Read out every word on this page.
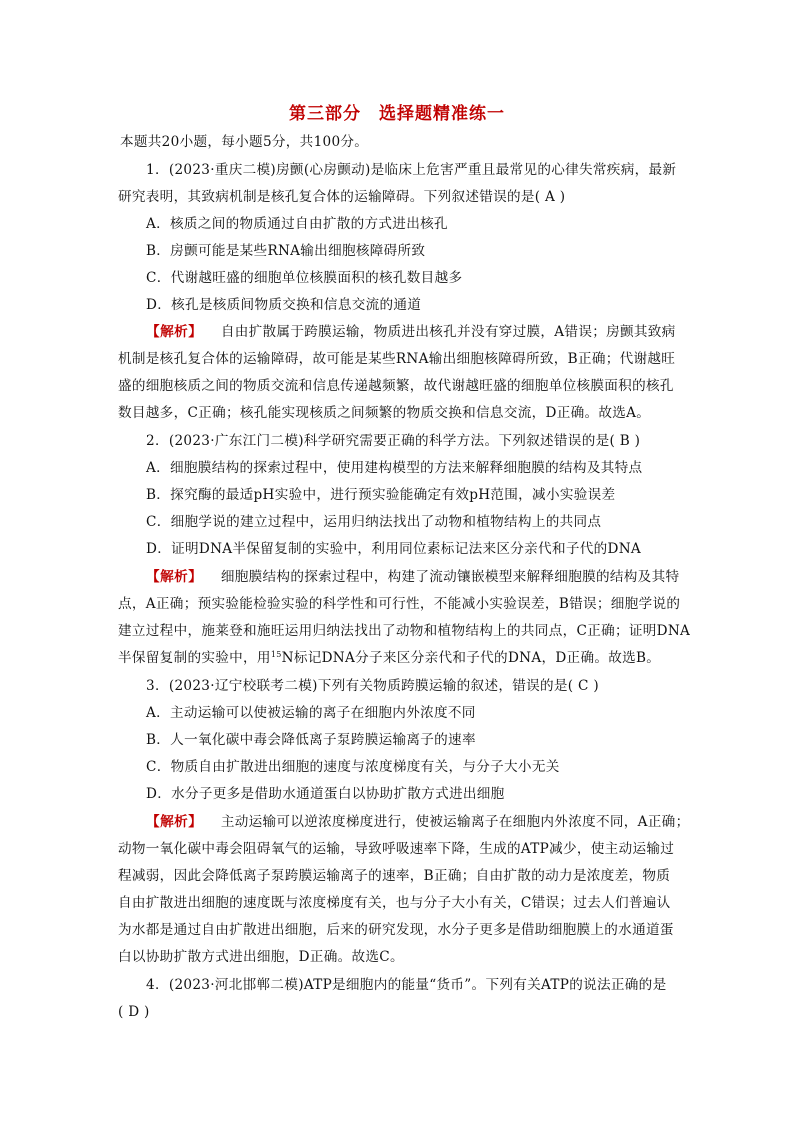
第三部分　选择题精准练一
本题共20小题，每小题5分，共100分。
1．(2023·重庆二模)房颤(心房颤动)是临床上危害严重且最常见的心律失常疾病，最新
研究表明，其致病机制是核孔复合体的运输障碍。下列叙述错误的是( A )
A．核质之间的物质通过自由扩散的方式进出核孔
B．房颤可能是某些RNA输出细胞核障碍所致
C．代谢越旺盛的细胞单位核膜面积的核孔数目越多
D．核孔是核质间物质交换和信息交流的通道
【解析】 自由扩散属于跨膜运输，物质进出核孔并没有穿过膜，A错误；房颤其致病
机制是核孔复合体的运输障碍，故可能是某些RNA输出细胞核障碍所致，B正确；代谢越旺
盛的细胞核质之间的物质交流和信息传递越频繁，故代谢越旺盛的细胞单位核膜面积的核孔
数目越多，C正确；核孔能实现核质之间频繁的物质交换和信息交流，D正确。故选A。
2．(2023·广东江门二模)科学研究需要正确的科学方法。下列叙述错误的是( B )
A．细胞膜结构的探索过程中，使用建构模型的方法来解释细胞膜的结构及其特点
B．探究酶的最适pH实验中，进行预实验能确定有效pH范围，减小实验误差
C．细胞学说的建立过程中，运用归纳法找出了动物和植物结构上的共同点
D．证明DNA半保留复制的实验中，利用同位素标记法来区分亲代和子代的DNA
【解析】 细胞膜结构的探索过程中，构建了流动镶嵌模型来解释细胞膜的结构及其特
点，A正确；预实验能检验实验的科学性和可行性，不能减小实验误差，B错误；细胞学说的
建立过程中，施莱登和施旺运用归纳法找出了动物和植物结构上的共同点，C正确；证明DNA
半保留复制的实验中，用$^{15}$N标记DNA分子来区分亲代和子代的DNA，D正确。故选B。
3．(2023·辽宁校联考二模)下列有关物质跨膜运输的叙述，错误的是( C )
A．主动运输可以使被运输的离子在细胞内外浓度不同
B．人一氧化碳中毒会降低离子泵跨膜运输离子的速率
C．物质自由扩散进出细胞的速度与浓度梯度有关，与分子大小无关
D．水分子更多是借助水通道蛋白以协助扩散方式进出细胞
【解析】 主动运输可以逆浓度梯度进行，使被运输离子在细胞内外浓度不同，A正确；
动物一氧化碳中毒会阻碍氧气的运输，导致呼吸速率下降，生成的ATP减少，使主动运输过
程减弱，因此会降低离子泵跨膜运输离子的速率，B正确；自由扩散的动力是浓度差，物质
自由扩散进出细胞的速度既与浓度梯度有关，也与分子大小有关，C错误；过去人们普遍认
为水都是通过自由扩散进出细胞，后来的研究发现，水分子更多是借助细胞膜上的水通道蛋
白以协助扩散方式进出细胞，D正确。故选C。
4．(2023·河北邯郸二模)ATP是细胞内的能量“货币”。下列有关ATP的说法正确的是
( D )
